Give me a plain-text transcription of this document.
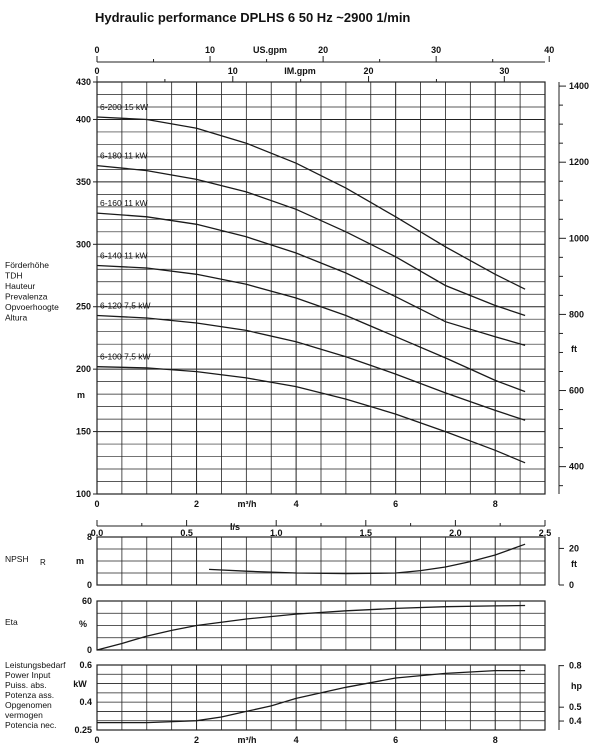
Hydraulic performance DPLHS 6 50 Hz ~2900 1/min
0	10	20	30	40
US.gpm
0	10	20	30
IM.gpm
100
150
200
250
300
350
400
430
m
Förderhöhe
TDH
Hauteur
Prevalenza
Opvoerhoogte
Altura
400
600
800
1000
1200
1400
ft
0	2	4	6	8
m³/h
6-200 15 kW
6-180 11 kW
6-160 11 kW
6-140 11 kW
6-120 7,5 kW
6-100 7,5 kW
0.0	0.5	1.0	1.5	2.0	2.5
l/s
0
8
m
NPSH R
0
20
ft
0
60
%
Eta
0.25
0.4
0.6
kW
Leistungsbedarf
Power Input
Puiss. abs.
Potenza ass.
Opgenomen
vermogen
Potencia nec.	0.4
0.5
0.8
hp
0	2	4	6	8
m³/h
